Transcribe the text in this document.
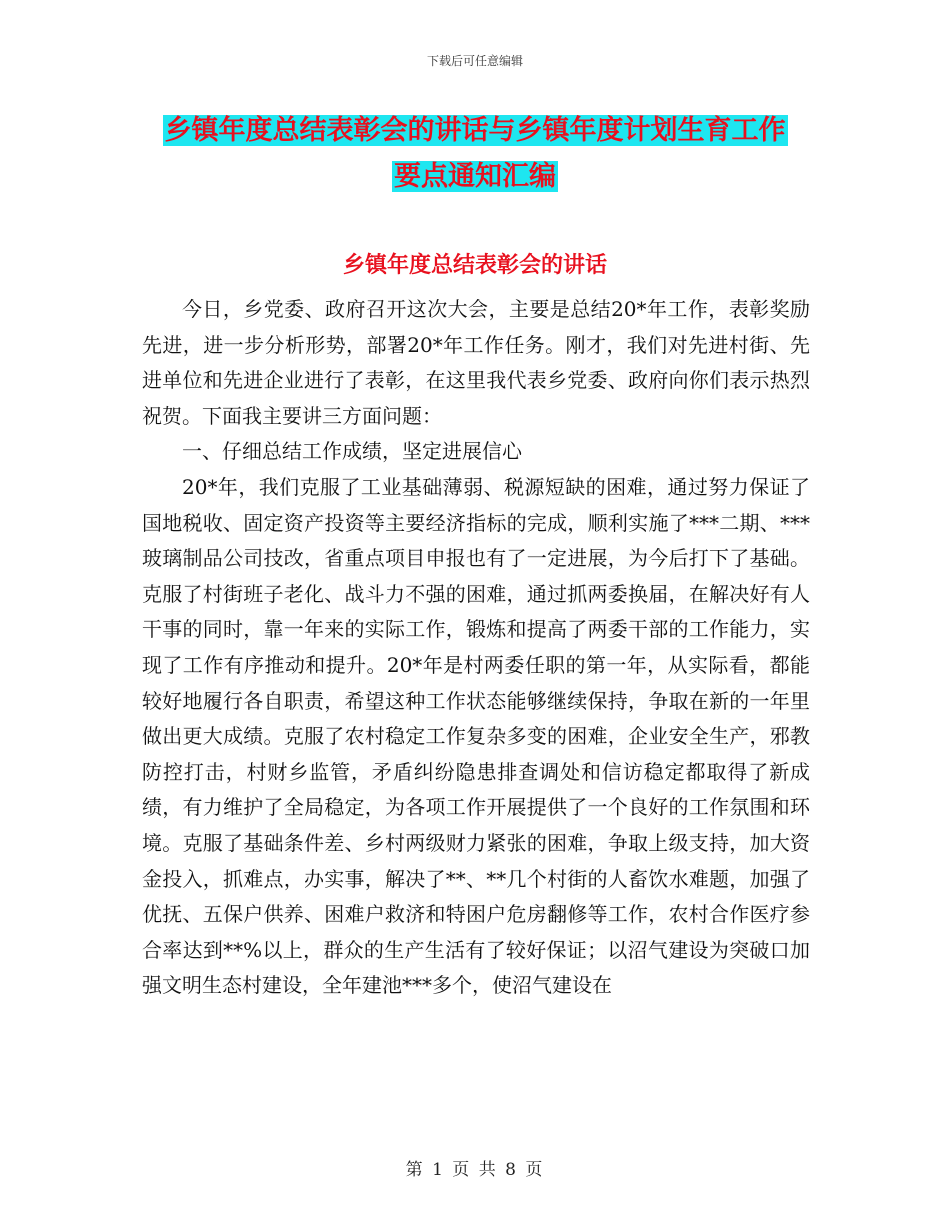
下载后可任意编辑
乡镇年度总结表彰会的讲话与乡镇年度计划生育工作
要点通知汇编
乡镇年度总结表彰会的讲话

今日，乡党委、政府召开这次大会，主要是总结20*年工作，表彰奖励先进，进一步分析形势，部署20*年工作任务。刚才，我们对先进村街、先进单位和先进企业进行了表彰，在这里我代表乡党委、政府向你们表示热烈祝贺。下面我主要讲三方面问题：

一、仔细总结工作成绩，坚定进展信心

20*年，我们克服了工业基础薄弱、税源短缺的困难，通过努力保证了国地税收、固定资产投资等主要经济指标的完成，顺利实施了***二期、***玻璃制品公司技改，省重点项目申报也有了一定进展，为今后打下了基础。克服了村街班子老化、战斗力不强的困难，通过抓两委换届，在解决好有人干事的同时，靠一年来的实际工作，锻炼和提高了两委干部的工作能力，实现了工作有序推动和提升。20*年是村两委任职的第一年，从实际看，都能较好地履行各自职责，希望这种工作状态能够继续保持，争取在新的一年里做出更大成绩。克服了农村稳定工作复杂多变的困难，企业安全生产，邪教防控打击，村财乡监管，矛盾纠纷隐患排查调处和信访稳定都取得了新成绩，有力维护了全局稳定，为各项工作开展提供了一个良好的工作氛围和环境。克服了基础条件差、乡村两级财力紧张的困难，争取上级支持，加大资金投入，抓难点，办实事，解决了**、**几个村街的人畜饮水难题，加强了优抚、五保户供养、困难户救济和特困户危房翻修等工作，农村合作医疗参合率达到**%以上，群众的生产生活有了较好保证；以沼气建设为突破口加强文明生态村建设，全年建池***多个，使沼气建设在

第 1 页 共 8 页
